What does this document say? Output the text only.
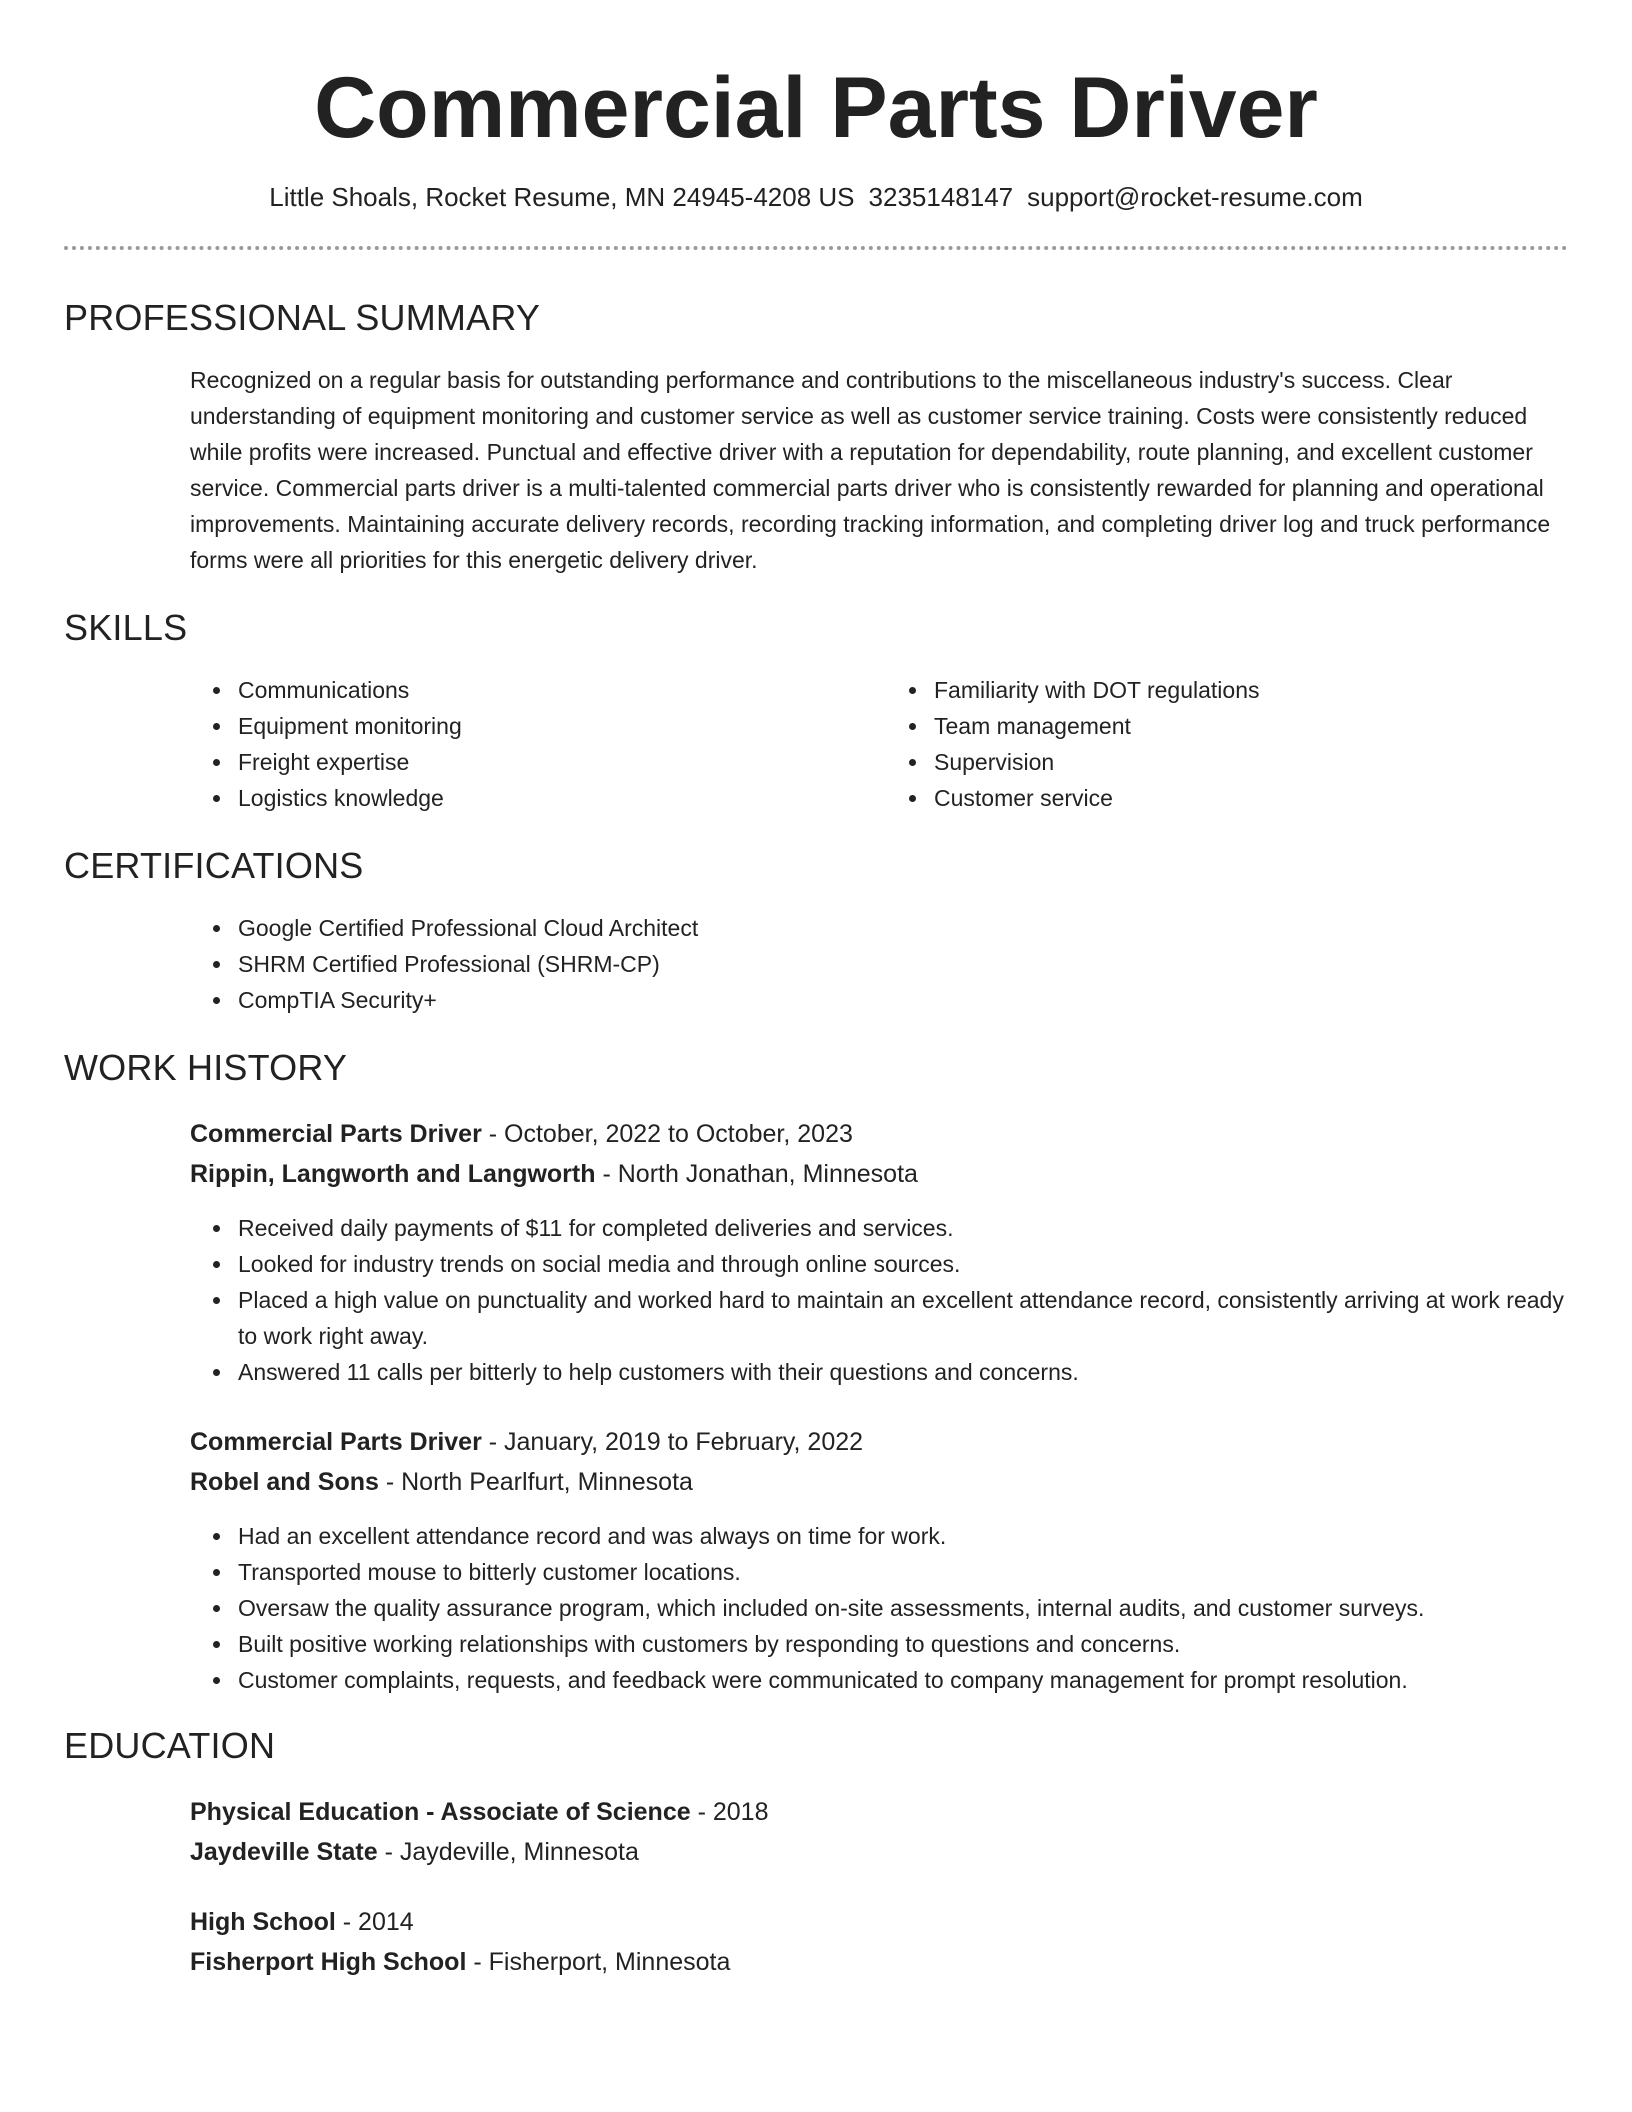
Commercial Parts Driver
Little Shoals, Rocket Resume, MN 24945-4208 US 3235148147 support@rocket-resume.com
PROFESSIONAL SUMMARY
Recognized on a regular basis for outstanding performance and contributions to the miscellaneous industry's success. Clear understanding of equipment monitoring and customer service as well as customer service training. Costs were consistently reduced while profits were increased. Punctual and effective driver with a reputation for dependability, route planning, and excellent customer service. Commercial parts driver is a multi-talented commercial parts driver who is consistently rewarded for planning and operational improvements. Maintaining accurate delivery records, recording tracking information, and completing driver log and truck performance forms were all priorities for this energetic delivery driver.
SKILLS
• Communications
• Equipment monitoring
• Freight expertise
• Logistics knowledge
• Familiarity with DOT regulations
• Team management
• Supervision
• Customer service
CERTIFICATIONS
• Google Certified Professional Cloud Architect
• SHRM Certified Professional (SHRM-CP)
• CompTIA Security+
WORK HISTORY
Commercial Parts Driver - October, 2022 to October, 2023
Rippin, Langworth and Langworth - North Jonathan, Minnesota
• Received daily payments of $11 for completed deliveries and services.
• Looked for industry trends on social media and through online sources.
• Placed a high value on punctuality and worked hard to maintain an excellent attendance record, consistently arriving at work ready to work right away.
• Answered 11 calls per bitterly to help customers with their questions and concerns.
Commercial Parts Driver - January, 2019 to February, 2022
Robel and Sons - North Pearlfurt, Minnesota
• Had an excellent attendance record and was always on time for work.
• Transported mouse to bitterly customer locations.
• Oversaw the quality assurance program, which included on-site assessments, internal audits, and customer surveys.
• Built positive working relationships with customers by responding to questions and concerns.
• Customer complaints, requests, and feedback were communicated to company management for prompt resolution.
EDUCATION
Physical Education - Associate of Science - 2018
Jaydeville State - Jaydeville, Minnesota
High School - 2014
Fisherport High School - Fisherport, Minnesota
